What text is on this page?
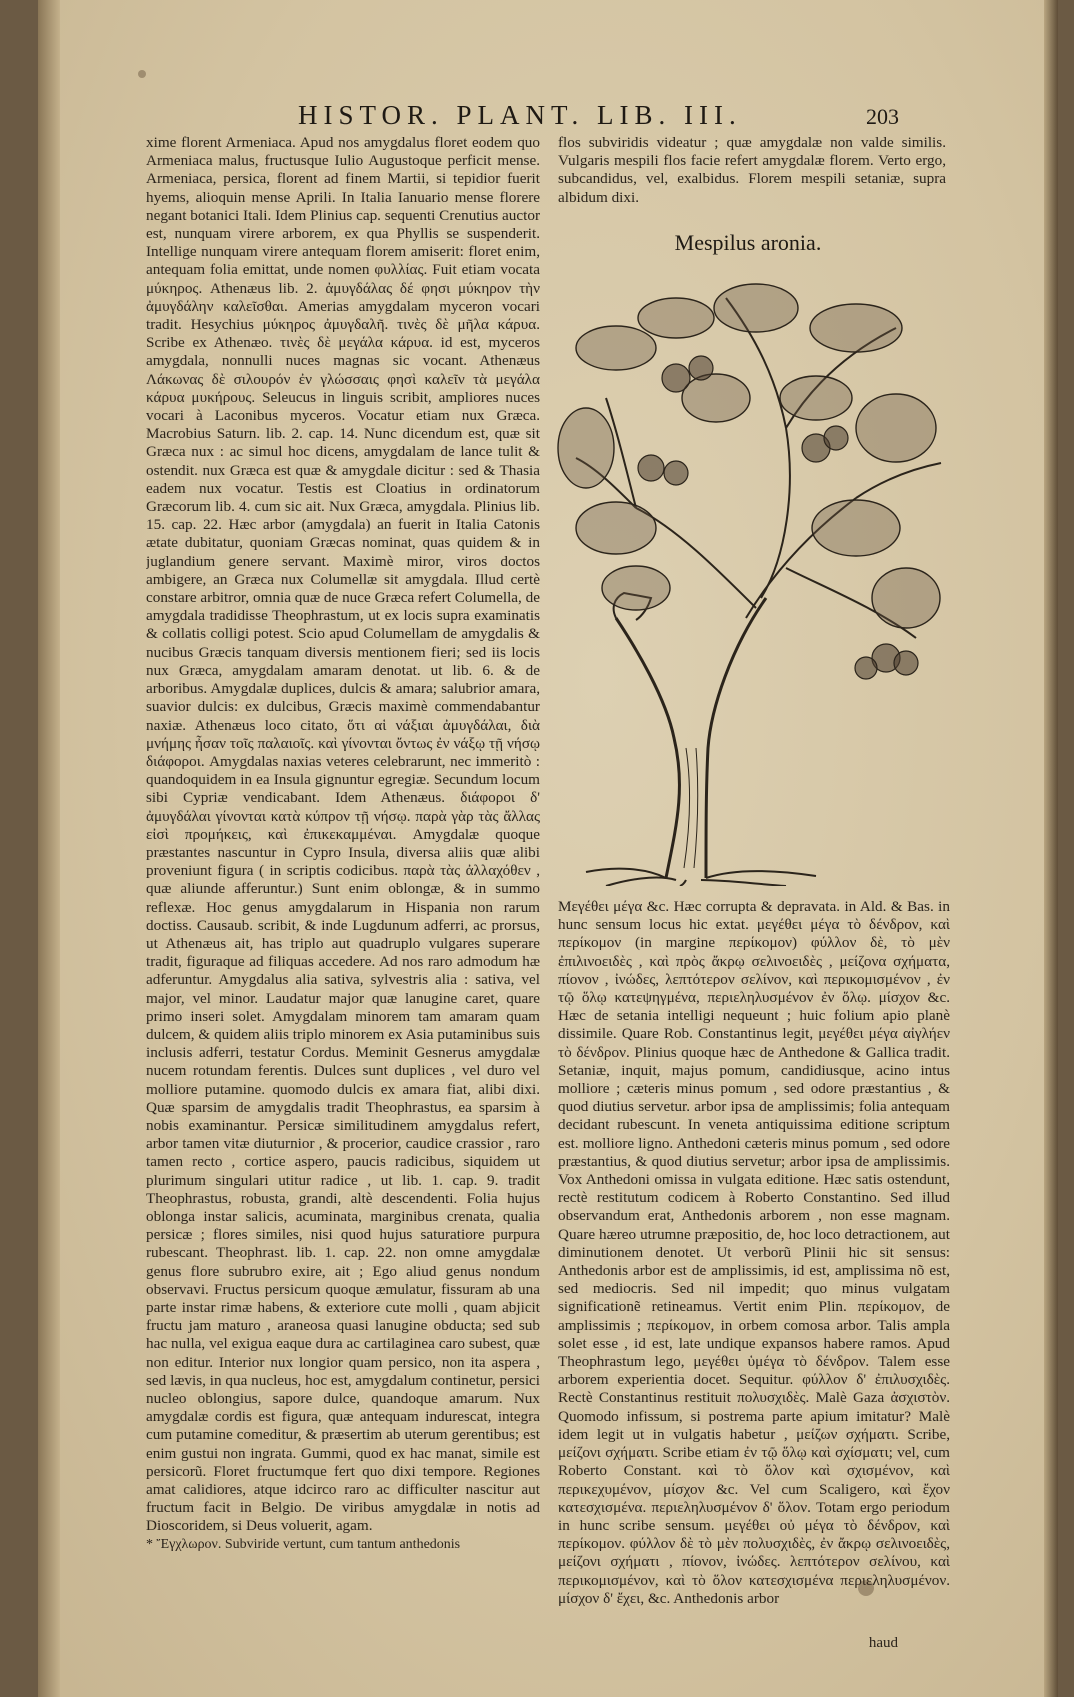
HISTOR. PLANT. LIB. III.	203

xime florent Armeniaca. Apud nos amygdalus floret eodem quo Armeniaca malus, fructusque Iulio Augustoque perficit mense. Armeniaca, persica, florent ad finem Martii, si tepidior fuerit hyems, alioquin mense Aprili. In Italia Ianuario mense florere negant botanici Itali. Idem Plinius cap. sequenti Crenutius auctor est, nunquam virere arborem, ex qua Phyllis se suspenderit. Intellige nunquam virere antequam florem amiserit: floret enim, antequam folia emittat, unde nomen φυλλίας. Fuit etiam vocata μύκηρος. Athenæus lib. 2. ἀμυγδάλας δέ φησι μύκηρον τὴν ἀμυγδάλην καλεῖσθαι. Amerias amygdalam myceron vocari tradit. Hesychius μύκηρος ἀμυγδαλῆ. τινὲς δὲ μῆλα κάρυα. Scribe ex Athenæo. τινὲς δὲ μεγάλα κάρυα. id est, myceros amygdala, nonnulli nuces magnas sic vocant. Athenæus Λάκωνας δὲ σιλουρόν ἐν γλώσσαις φησὶ καλεῖν τὰ μεγάλα κάρυα μυκήρους. Seleucus in linguis scribit, ampliores nuces vocari à Laconibus myceros. Vocatur etiam nux Græca. Macrobius Saturn. lib. 2. cap. 14. Nunc dicendum est, quæ sit Græca nux : ac simul hoc dicens, amygdalam de lance tulit & ostendit. nux Græca est quæ & amygdale dicitur : sed & Thasia eadem nux vocatur. Testis est Cloatius in ordinatorum Græcorum lib. 4. cum sic ait. Nux Græca, amygdala. Plinius lib. 15. cap. 22. Hæc arbor (amygdala) an fuerit in Italia Catonis ætate dubitatur, quoniam Græcas nominat, quas quidem & in juglandium genere servant. Maximè miror, viros doctos ambigere, an Græca nux Columellæ sit amygdala. Illud certè constare arbitror, omnia quæ de nuce Græca refert Columella, de amygdala tradidisse Theophrastum, ut ex locis supra examinatis & collatis colligi potest. Scio apud Columellam de amygdalis & nucibus Græcis tanquam diversis mentionem fieri; sed iis locis nux Græca, amygdalam amaram denotat. ut lib. 6. & de arboribus. Amygdalæ duplices, dulcis & amara; salubrior amara, suavior dulcis: ex dulcibus, Græcis maximè commendabantur naxiæ. Athenæus loco citato, ὅτι αἱ νάξιαι ἀμυγδάλαι, διὰ μνήμης ἦσαν τοῖς παλαιοῖς. καὶ γίνονται ὄντως ἐν νάξῳ τῇ νήσῳ διάφοροι. Amygdalas naxias veteres celebrarunt, nec immeritò : quandoquidem in ea Insula gignuntur egregiæ. Secundum locum sibi Cypriæ vendicabant. Idem Athenæus. διάφοροι δ' ἀμυγδάλαι γίνονται κατὰ κύπρον τῇ νήσῳ. παρὰ γὰρ τὰς ἄλλας εἰσὶ προμήκεις, καὶ ἐπικεκαμμέναι. Amygdalæ quoque præstantes nascuntur in Cypro Insula, diversa aliis quæ alibi proveniunt figura ( in scriptis codicibus. παρὰ τὰς ἀλλαχόθεν , quæ aliunde afferuntur.) Sunt enim oblongæ, & in summo reflexæ. Hoc genus amygdalarum in Hispania non rarum doctiss. Causaub. scribit, & inde Lugdunum adferri, ac prorsus, ut Athenæus ait, has triplo aut quadruplo vulgares superare tradit, figuraque ad filiquas accedere. Ad nos raro admodum hæ adferuntur. Amygdalus alia sativa, sylvestris alia : sativa, vel major, vel minor. Laudatur major quæ lanugine caret, quare primo inseri solet. Amygdalam minorem tam amaram quam dulcem, & quidem aliis triplo minorem ex Asia putaminibus suis inclusis adferri, testatur Cordus. Meminit Gesnerus amygdalæ nucem rotundam ferentis. Dulces sunt duplices , vel duro vel molliore putamine. quomodo dulcis ex amara fiat, alibi dixi. Quæ sparsim de amygdalis tradit Theophrastus, ea sparsim à nobis examinantur. Persicæ similitudinem amygdalus refert, arbor tamen vitæ diuturnior , & procerior, caudice crassior , raro tamen recto , cortice aspero, paucis radicibus, siquidem ut plurimum singulari utitur radice , ut lib. 1. cap. 9. tradit Theophrastus, robusta, grandi, altè descendenti. Folia hujus oblonga instar salicis, acuminata, marginibus crenata, qualia persicæ ; flores similes, nisi quod hujus saturatiore purpura rubescant. Theophrast. lib. 1. cap. 22. non omne amygdalæ genus flore subrubro exire, ait ; Ego aliud genus nondum observavi. Fructus persicum quoque æmulatur, fissuram ab una parte instar rimæ habens, & exteriore cute molli , quam abjicit fructu jam maturo , araneosa quasi lanugine obducta; sed sub hac nulla, vel exigua eaque dura ac cartilaginea caro subest, quæ non editur. Interior nux longior quam persico, non ita aspera , sed lævis, in qua nucleus, hoc est, amygdalum continetur, persici nucleo oblongius, sapore dulce, quandoque amarum. Nux amygdalæ cordis est figura, quæ antequam indurescat, integra cum putamine comeditur, & præsertim ab uterum gerentibus; est enim gustui non ingrata. Gummi, quod ex hac manat, simile est persicorũ. Floret fructumque fert quo dixi tempore. Regiones amat calidiores, atque idcirco raro ac difficulter nascitur aut fructum facit in Belgio. De viribus amygdalæ in notis ad Dioscoridem, si Deus voluerit, agam.

* Ἔγχλωρον. Subviride vertunt, cum tantum anthedonis

flos subviridis videatur ; quæ amygdalæ non valde similis. Vulgaris mespili flos facie refert amygdalæ florem. Verto ergo, subcandidus, vel, exalbidus. Florem mespili setaniæ, supra albidum dixi.
Mespilus aronia.
Μεγέθει μέγα &c. Hæc corrupta & depravata. in Ald. & Bas. in hunc sensum locus hic extat. μεγέθει μέγα τὸ δένδρον, καὶ περίκομον (in margine περίκομον) φύλλον δὲ, τὸ μὲν ἐπιλινοειδὲς , καὶ πρὸς ἄκρῳ σελινοειδὲς , μείζονα σχήματα, πίονον , ἰνώδες, λεπτότερον σελίνον, καὶ περικομισμένον , ἐν τῷ ὅλῳ κατεψηγμένα, περιεληλυσμένον ἐν ὅλῳ. μίσχον &c. Hæc de setania intelligi nequeunt ; huic folium apio planè dissimile. Quare Rob. Constantinus legit, μεγέθει μέγα αἰγλήεν τὸ δένδρον. Plinius quoque hæc de Anthedone & Gallica tradit. Setaniæ, inquit, majus pomum, candidiusque, acino intus molliore ; cæteris minus pomum , sed odore præstantius , & quod diutius servetur. arbor ipsa de amplissimis; folia antequam decidant rubescunt. In veneta antiquissima editione scriptum est. molliore ligno. Anthedoni cæteris minus pomum , sed odore præstantius, & quod diutius servetur; arbor ipsa de amplissimis. Vox Anthedoni omissa in vulgata editione. Hæc satis ostendunt, rectè restitutum codicem à Roberto Constantino. Sed illud observandum erat, Anthedonis arborem , non esse magnam. Quare hæreo utrumne præpositio, de, hoc loco detractionem, aut diminutionem denotet. Ut verborũ Plinii hic sit sensus: Anthedonis arbor est de amplissimis, id est, amplissima nõ est, sed mediocris. Sed nil impedit; quo minus vulgatam significationẽ retineamus. Vertit enim Plin. περίκομον, de amplissimis ; περίκομον, in orbem comosa arbor. Talis ampla solet esse , id est, late undique expansos habere ramos. Apud Theophrastum lego, μεγέθει ὑμέγα τὸ δένδρον. Talem esse arborem experientia docet. Sequitur. φύλλον δ' ἐπιλυσχιδὲς. Rectè Constantinus restituit πολυσχιδὲς. Malè Gaza ἀσχιστὸν. Quomodo infissum, si postrema parte apium imitatur? Malè idem legit ut in vulgatis habetur , μείζων σχήματι. Scribe, μείζονι σχήματι. Scribe etiam ἐν τῷ ὅλῳ καὶ σχίσματι; vel, cum Roberto Constant. καὶ τὸ ὅλον καὶ σχισμένον, καὶ περικεχυμένον, μίσχον &c. Vel cum Scaligero, καὶ ἔχον κατεσχισμένα. περιεληλυσμένον δ' ὅλον. Totam ergo periodum in hunc scribe sensum. μεγέθει οὐ μέγα τὸ δένδρον, καὶ περίκομον. φύλλον δὲ τὸ μὲν πολυσχιδὲς, ἐν ἄκρῳ σελινοειδὲς, μείζονι σχήματι , πίονον, ἰνώδες. λεπτότερον σελίνου, καὶ περικομισμένον, καὶ τὸ ὅλον κατεσχισμένα περιεληλυσμένον. μίσχον δ' ἔχει, &c. Anthedonis arbor
haud
